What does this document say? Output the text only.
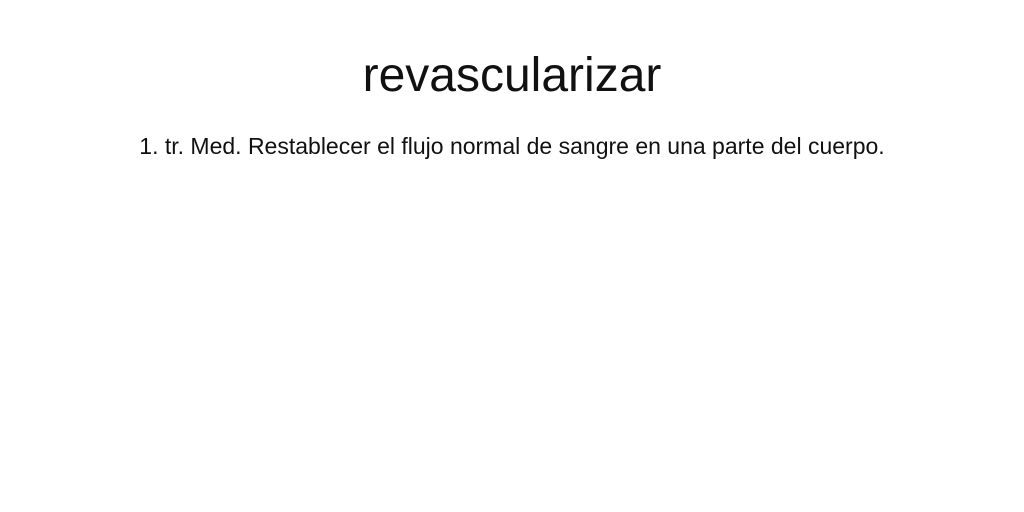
revascularizar

1. tr. Med. Restablecer el flujo normal de sangre en una parte del cuerpo.
